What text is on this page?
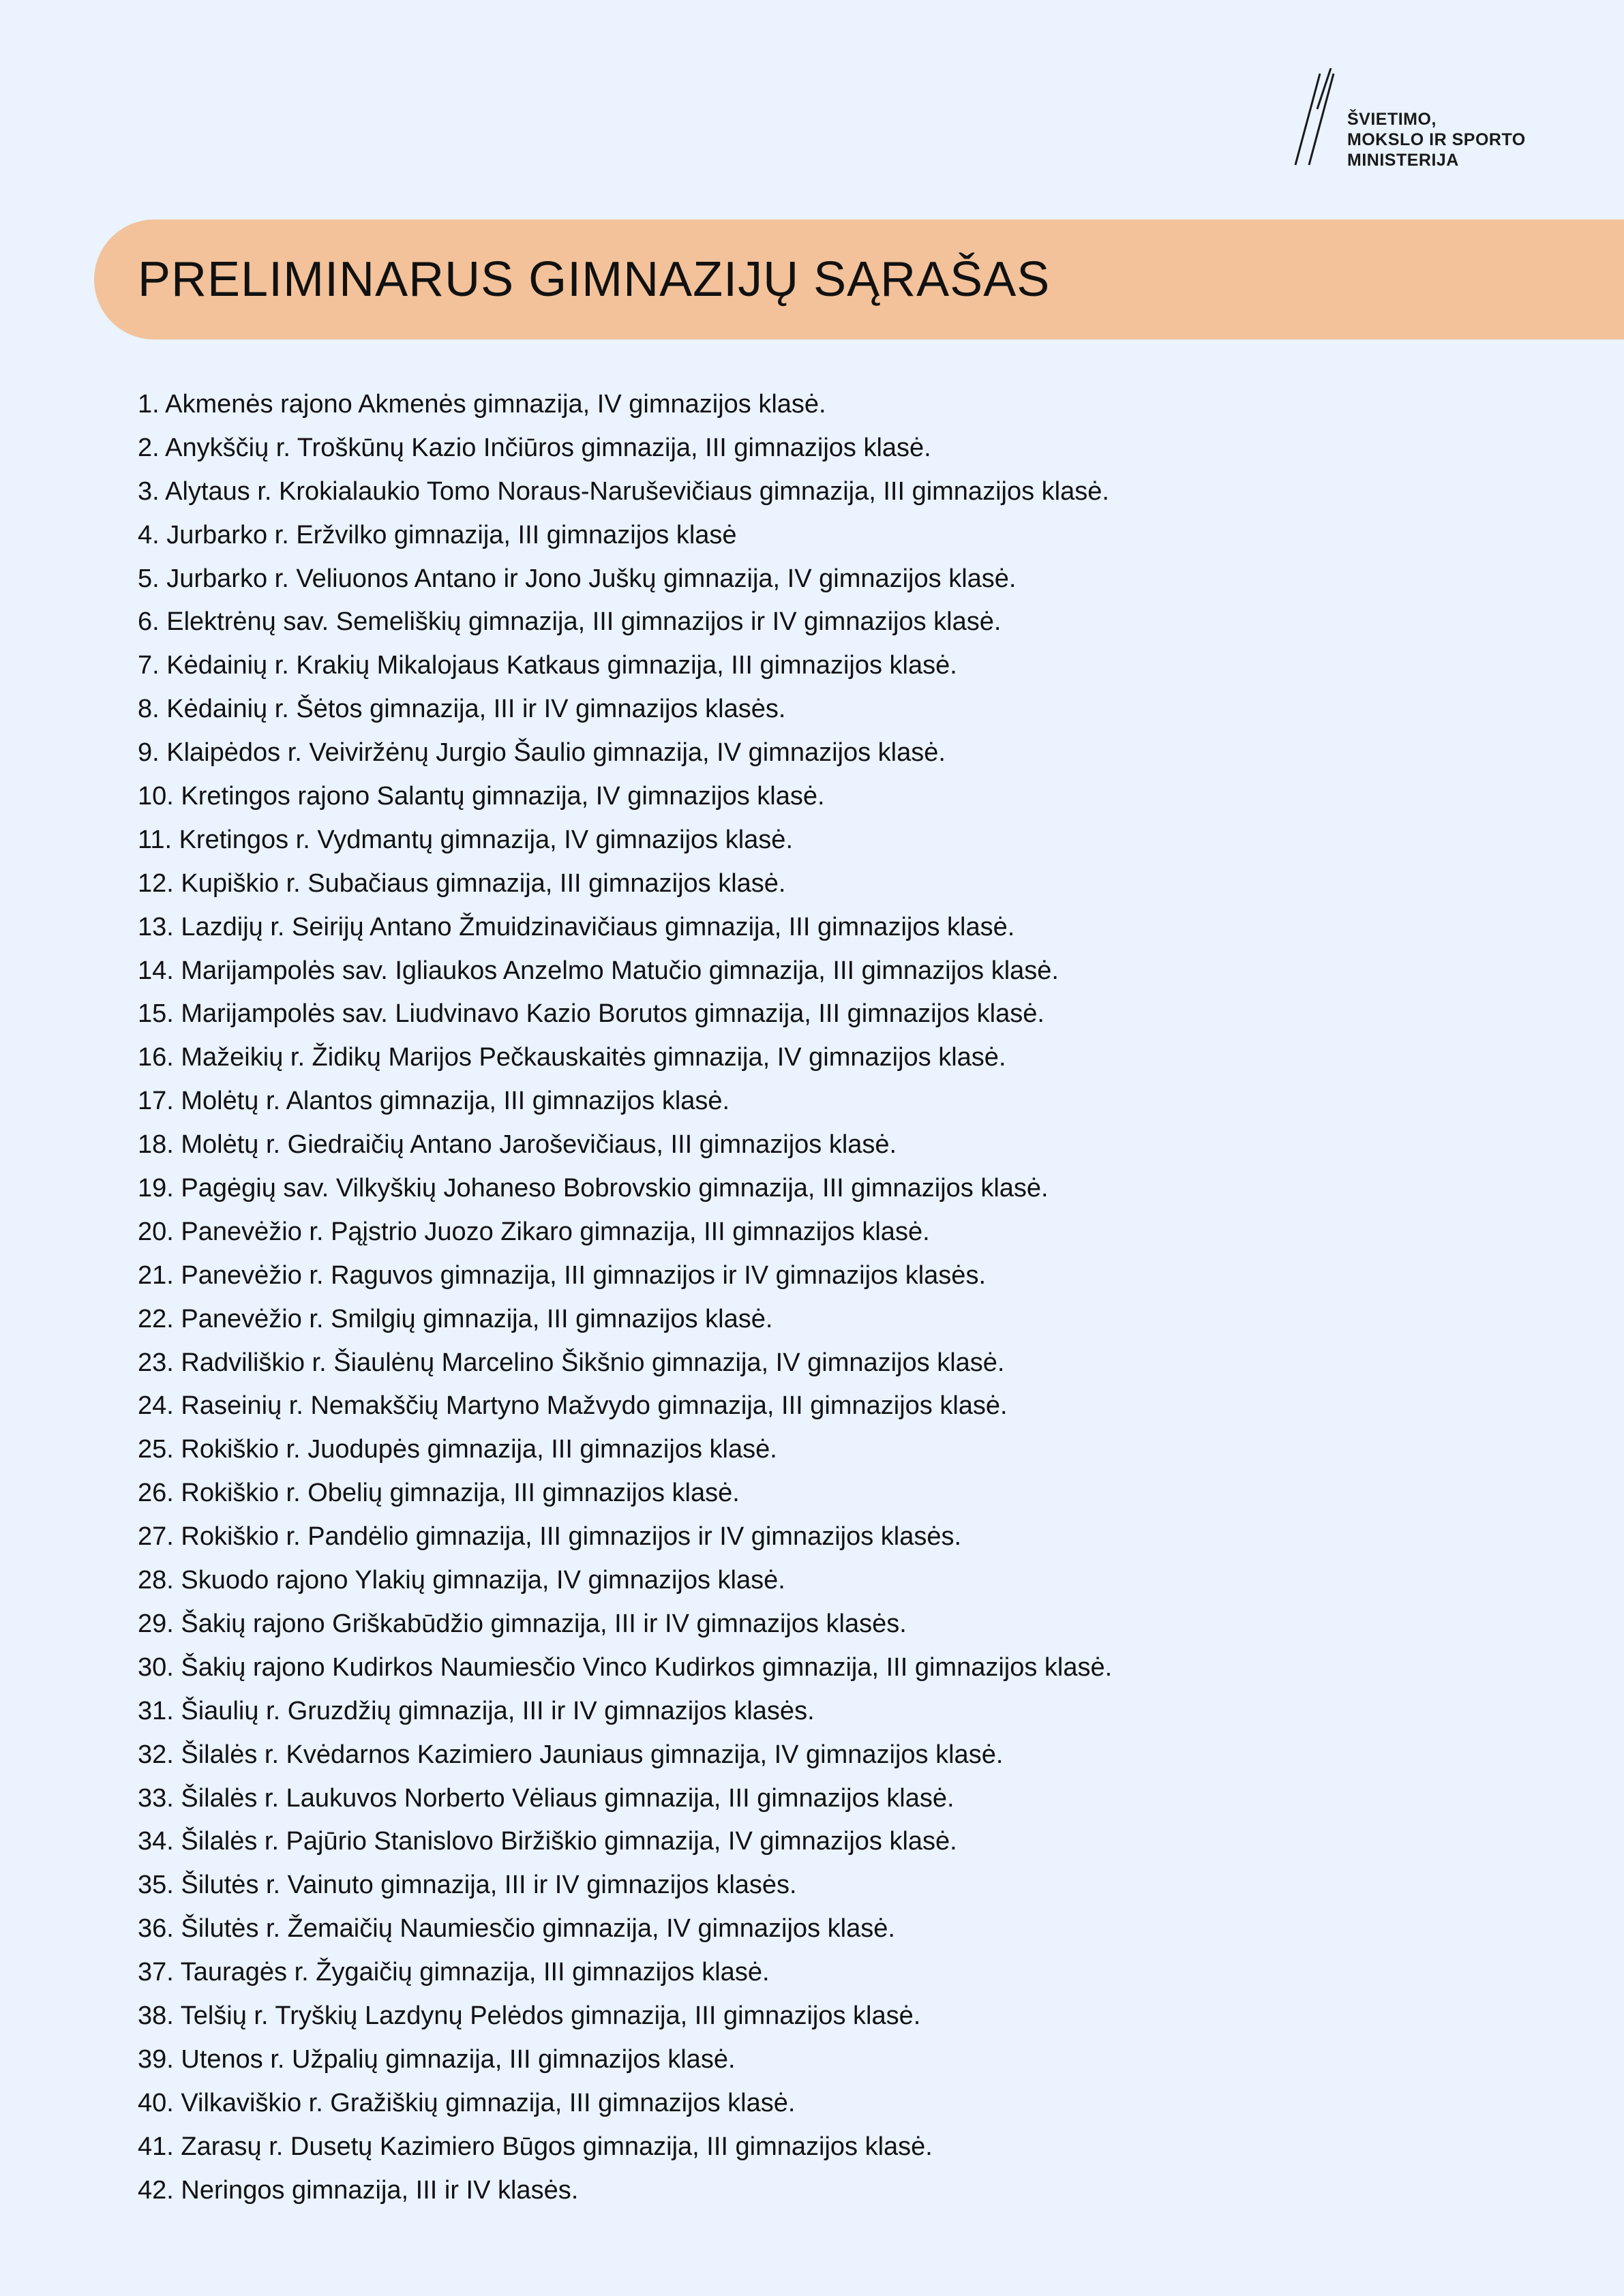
ŠVIETIMO,
MOKSLO IR SPORTO
MINISTERIJA
PRELIMINARUS GIMNAZIJŲ SĄRAŠAS
1. Akmenės rajono Akmenės gimnazija, IV gimnazijos klasė.
2. Anykščių r. Troškūnų Kazio Inčiūros gimnazija, III gimnazijos klasė.
3. Alytaus r. Krokialaukio Tomo Noraus-Naruševičiaus gimnazija, III gimnazijos klasė.
4. Jurbarko r. Eržvilko gimnazija, III gimnazijos klasė
5. Jurbarko r. Veliuonos Antano ir Jono Juškų gimnazija, IV gimnazijos klasė.
6. Elektrėnų sav. Semeliškių gimnazija, III gimnazijos ir IV gimnazijos klasė.
7. Kėdainių r. Krakių Mikalojaus Katkaus gimnazija, III gimnazijos klasė.
8. Kėdainių r. Šėtos gimnazija, III ir IV gimnazijos klasės.
9. Klaipėdos r. Veiviržėnų Jurgio Šaulio gimnazija, IV gimnazijos klasė.
10. Kretingos rajono Salantų gimnazija, IV gimnazijos klasė.
11. Kretingos r. Vydmantų gimnazija, IV gimnazijos klasė.
12. Kupiškio r. Subačiaus gimnazija, III gimnazijos klasė.
13. Lazdijų r. Seirijų Antano Žmuidzinavičiaus gimnazija, III gimnazijos klasė.
14. Marijampolės sav. Igliaukos Anzelmo Matučio gimnazija, III gimnazijos klasė.
15. Marijampolės sav. Liudvinavo Kazio Borutos gimnazija, III gimnazijos klasė.
16. Mažeikių r. Židikų Marijos Pečkauskaitės gimnazija, IV gimnazijos klasė.
17. Molėtų r. Alantos gimnazija, III gimnazijos klasė.
18. Molėtų r. Giedraičių Antano Jaroševičiaus, III gimnazijos klasė.
19. Pagėgių sav. Vilkyškių Johaneso Bobrovskio gimnazija, III gimnazijos klasė.
20. Panevėžio r. Pąįstrio Juozo Zikaro gimnazija, III gimnazijos klasė.
21. Panevėžio r. Raguvos gimnazija, III gimnazijos ir IV gimnazijos klasės.
22. Panevėžio r. Smilgių gimnazija, III gimnazijos klasė.
23. Radviliškio r. Šiaulėnų Marcelino Šikšnio gimnazija, IV gimnazijos klasė.
24. Raseinių r. Nemakščių Martyno Mažvydo gimnazija, III gimnazijos klasė.
25. Rokiškio r. Juodupės gimnazija, III gimnazijos klasė.
26. Rokiškio r. Obelių gimnazija, III gimnazijos klasė.
27. Rokiškio r. Pandėlio gimnazija, III gimnazijos ir IV gimnazijos klasės.
28. Skuodo rajono Ylakių gimnazija, IV gimnazijos klasė.
29. Šakių rajono Griškabūdžio gimnazija, III ir IV gimnazijos klasės.
30. Šakių rajono Kudirkos Naumiesčio Vinco Kudirkos gimnazija, III gimnazijos klasė.
31. Šiaulių r. Gruzdžių gimnazija, III ir IV gimnazijos klasės.
32. Šilalės r. Kvėdarnos Kazimiero Jauniaus gimnazija, IV gimnazijos klasė.
33. Šilalės r. Laukuvos Norberto Vėliaus gimnazija, III gimnazijos klasė.
34. Šilalės r. Pajūrio Stanislovo Biržiškio gimnazija, IV gimnazijos klasė.
35. Šilutės r. Vainuto gimnazija, III ir IV gimnazijos klasės.
36. Šilutės r. Žemaičių Naumiesčio gimnazija, IV gimnazijos klasė.
37. Tauragės r. Žygaičių gimnazija, III gimnazijos klasė.
38. Telšių r. Tryškių Lazdynų Pelėdos gimnazija, III gimnazijos klasė.
39. Utenos r. Užpalių gimnazija, III gimnazijos klasė.
40. Vilkaviškio r. Gražiškių gimnazija, III gimnazijos klasė.
41. Zarasų r. Dusetų Kazimiero Būgos gimnazija, III gimnazijos klasė.
42. Neringos gimnazija, III ir IV klasės.
